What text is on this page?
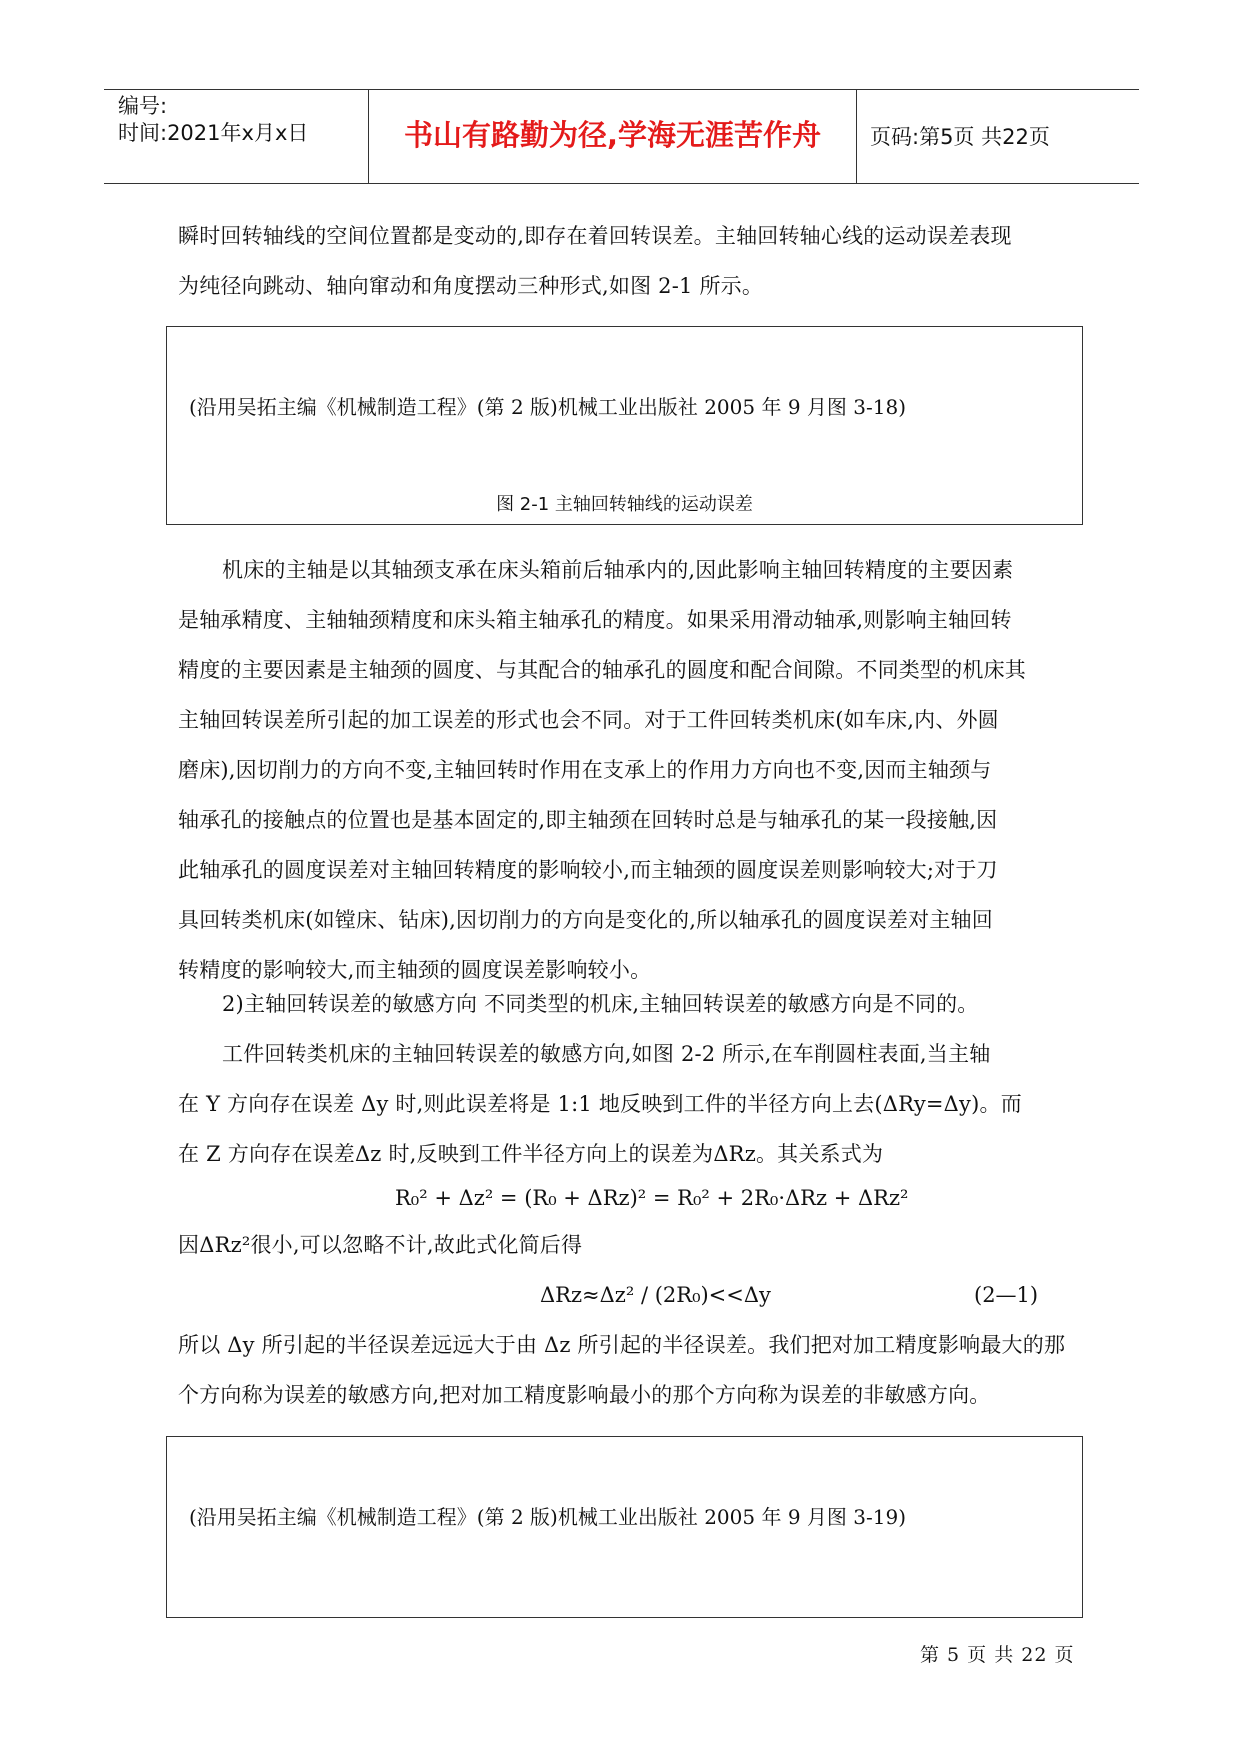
编号:
时间:2021年x月x日	书山有路勤为径,学海无涯苦作舟	页码:第5页 共22页
瞬时回转轴线的空间位置都是变动的,即存在着回转误差。主轴回转轴心线的运动误差表现
为纯径向跳动、轴向窜动和角度摆动三种形式,如图 2-1 所示。
(沿用吴拓主编《机械制造工程》(第 2 版)机械工业出版社 2005 年 9 月图 3-18)
图 2-1 主轴回转轴线的运动误差
机床的主轴是以其轴颈支承在床头箱前后轴承内的,因此影响主轴回转精度的主要因素
是轴承精度、主轴轴颈精度和床头箱主轴承孔的精度。如果采用滑动轴承,则影响主轴回转
精度的主要因素是主轴颈的圆度、与其配合的轴承孔的圆度和配合间隙。不同类型的机床其
主轴回转误差所引起的加工误差的形式也会不同。对于工件回转类机床(如车床,内、外圆
磨床),因切削力的方向不变,主轴回转时作用在支承上的作用力方向也不变,因而主轴颈与
轴承孔的接触点的位置也是基本固定的,即主轴颈在回转时总是与轴承孔的某一段接触,因
此轴承孔的圆度误差对主轴回转精度的影响较小,而主轴颈的圆度误差则影响较大;对于刀
具回转类机床(如镗床、钻床),因切削力的方向是变化的,所以轴承孔的圆度误差对主轴回
转精度的影响较大,而主轴颈的圆度误差影响较小。
2)主轴回转误差的敏感方向 不同类型的机床,主轴回转误差的敏感方向是不同的。
工件回转类机床的主轴回转误差的敏感方向,如图 2-2 所示,在车削圆柱表面,当主轴
在 Y 方向存在误差 Δy 时,则此误差将是 1:1 地反映到工件的半径方向上去(ΔRy=Δy)。而
在 Z 方向存在误差Δz 时,反映到工件半径方向上的误差为ΔRz。其关系式为
R₀² + Δz² = (R₀ + ΔRz)² = R₀² + 2R₀·ΔRz + ΔRz²
因ΔRz²很小,可以忽略不计,故此式化简后得
ΔRz≈Δz² / (2R₀)<<Δy	(2—1)
所以 Δy 所引起的半径误差远远大于由 Δz 所引起的半径误差。我们把对加工精度影响最大的那
个方向称为误差的敏感方向,把对加工精度影响最小的那个方向称为误差的非敏感方向。
(沿用吴拓主编《机械制造工程》(第 2 版)机械工业出版社 2005 年 9 月图 3-19)
第 5 页 共 22 页
